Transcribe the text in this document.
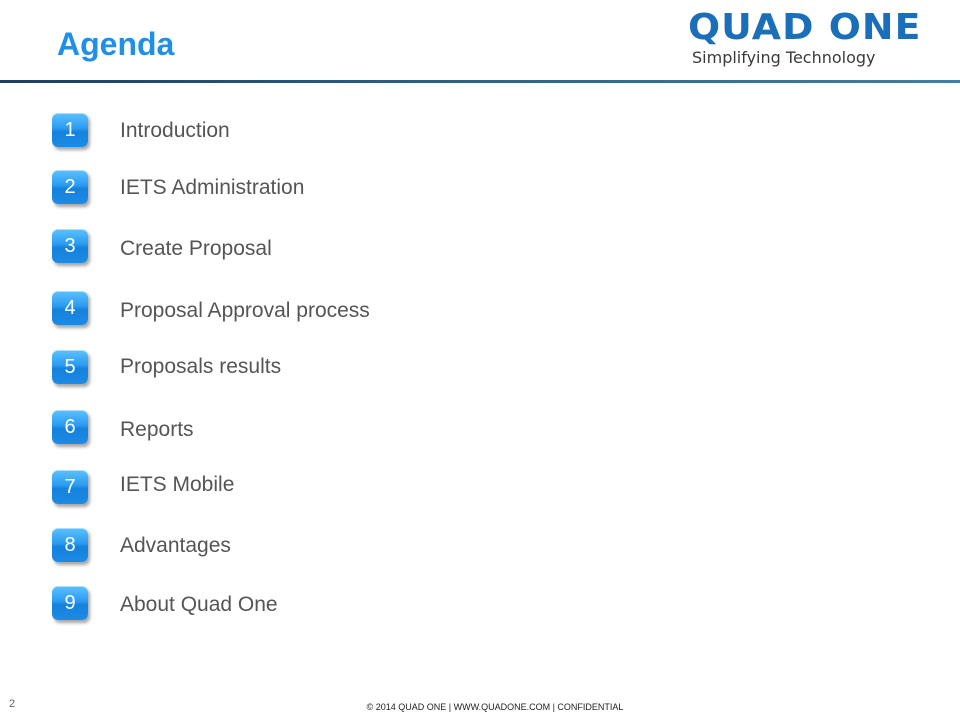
Agenda	QUAD ONE
Simplifying Technology
1	Introduction
2	IETS Administration
3	Create Proposal
4	Proposal Approval process
5	Proposals results
6	Reports
7	IETS Mobile
8	Advantages
9	About Quad One
2	© 2014 QUAD ONE | WWW.QUADONE.COM | CONFIDENTIAL
